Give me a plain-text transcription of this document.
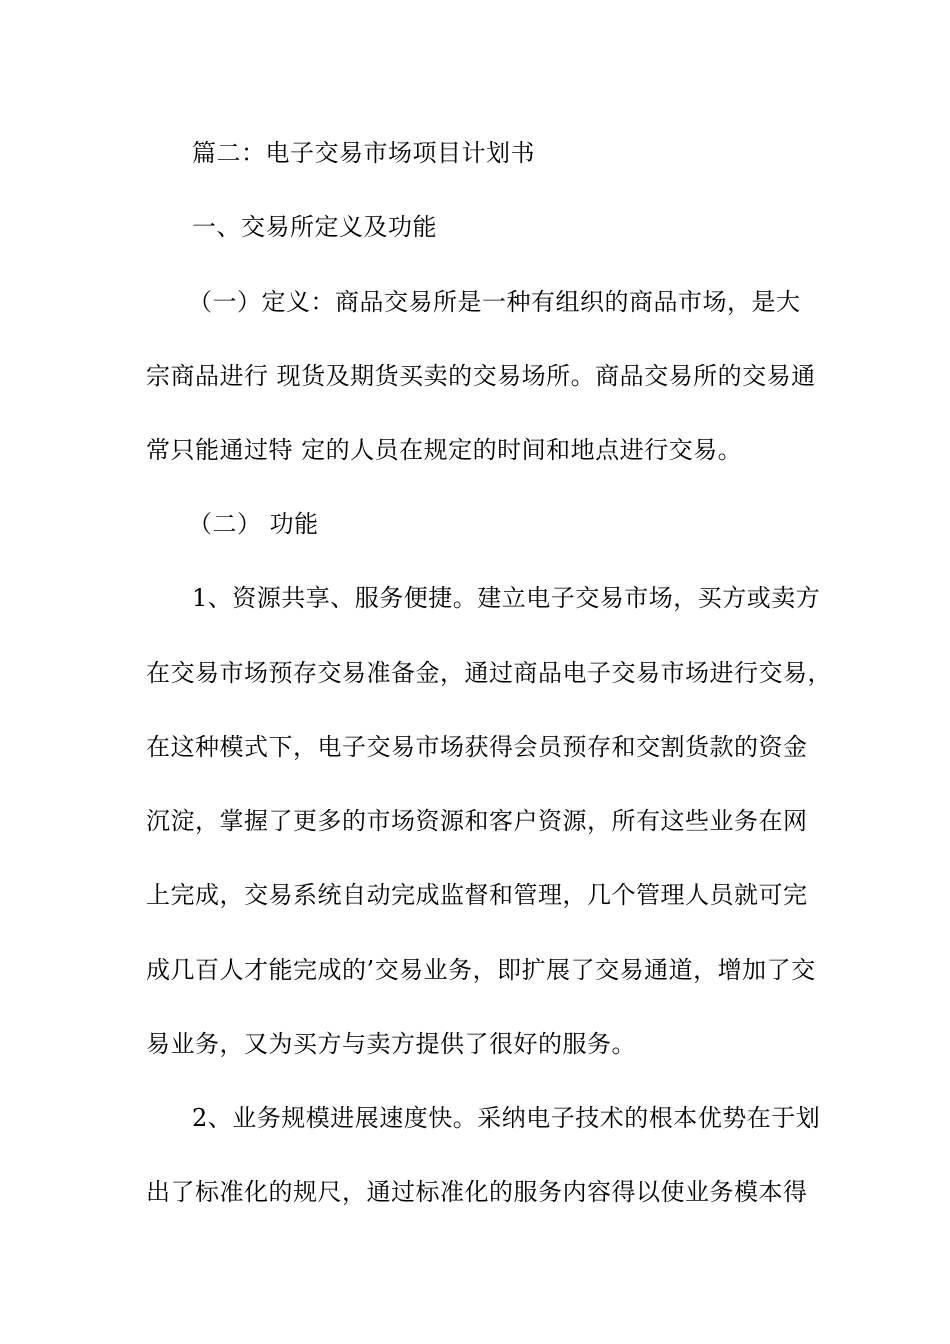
篇二：电子交易市场项目计划书
一、交易所定义及功能
（一）定义：商品交易所是一种有组织的商品市场，是大
宗商品进行 现货及期货买卖的交易场所。商品交易所的交易通
常只能通过特 定的人员在规定的时间和地点进行交易。
（二） 功能
1、资源共享、服务便捷。建立电子交易市场，买方或卖方
在交易市场预存交易准备金，通过商品电子交易市场进行交易，
在这种模式下，电子交易市场获得会员预存和交割货款的资金
沉淀，掌握了更多的市场资源和客户资源，所有这些业务在网
上完成，交易系统自动完成监督和管理，几个管理人员就可完
成几百人才能完成的’交易业务，即扩展了交易通道，增加了交
易业务，又为买方与卖方提供了很好的服务。
2、业务规模进展速度快。采纳电子技术的根本优势在于划
出了标准化的规尺，通过标准化的服务内容得以使业务模本得
